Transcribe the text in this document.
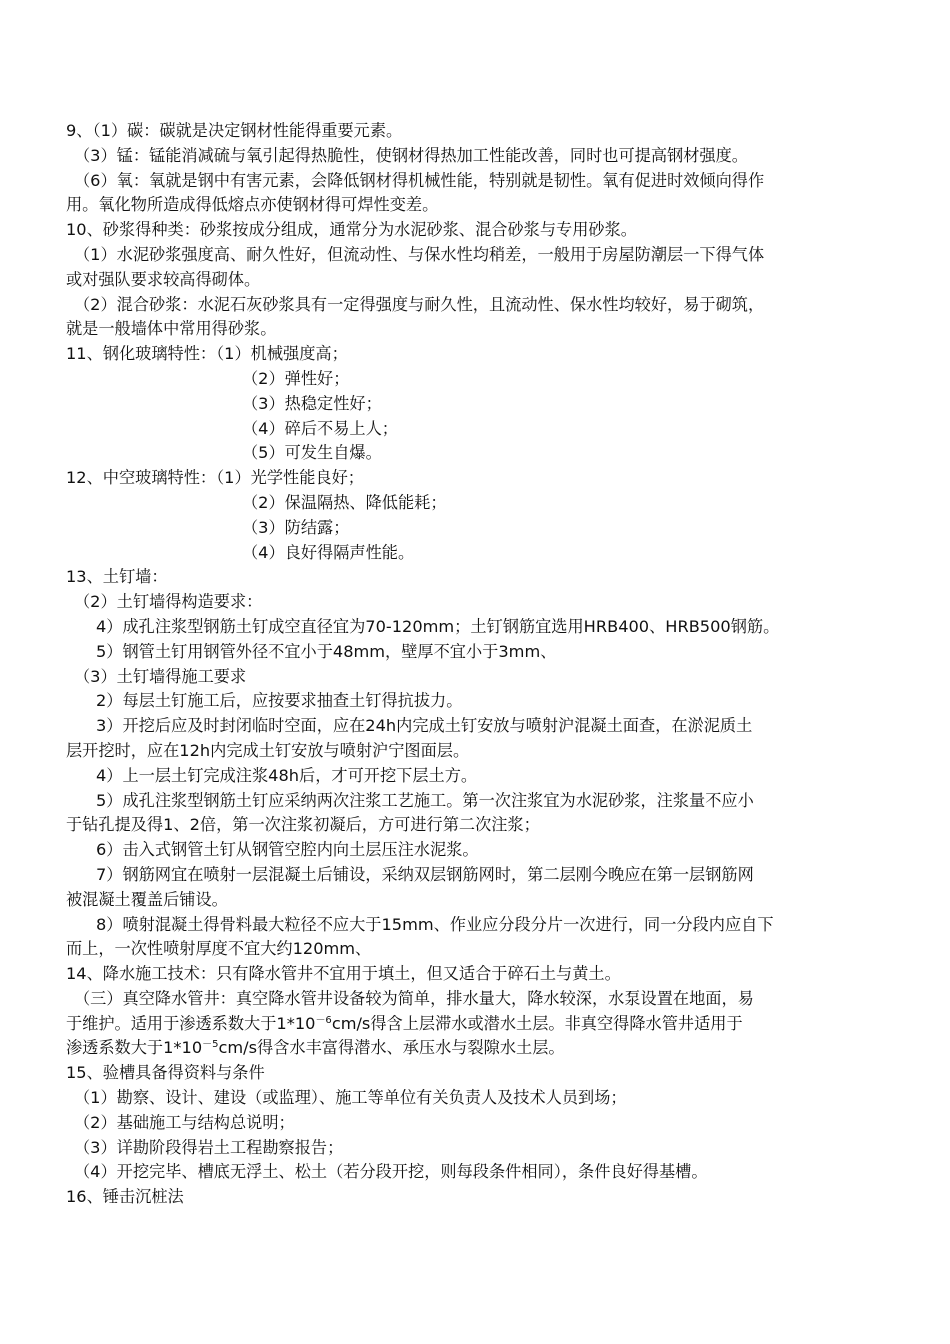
9、（1）碳：碳就是决定钢材性能得重要元素。
（3）锰：锰能消减硫与氧引起得热脆性，使钢材得热加工性能改善，同时也可提高钢材强度。
（6）氧：氧就是钢中有害元素，会降低钢材得机械性能，特别就是韧性。氧有促进时效倾向得作
用。氧化物所造成得低熔点亦使钢材得可焊性变差。
10、砂浆得种类：砂浆按成分组成，通常分为水泥砂浆、混合砂浆与专用砂浆。
（1）水泥砂浆强度高、耐久性好，但流动性、与保水性均稍差，一般用于房屋防潮层一下得气体
或对强队要求较高得砌体。
（2）混合砂浆：水泥石灰砂浆具有一定得强度与耐久性，且流动性、保水性均较好，易于砌筑，
就是一般墙体中常用得砂浆。
11、钢化玻璃特性：（1）机械强度高；
（2）弹性好；
（3）热稳定性好；
（4）碎后不易上人；
（5）可发生自爆。
12、中空玻璃特性：（1）光学性能良好；
（2）保温隔热、降低能耗；
（3）防结露；
（4）良好得隔声性能。
13、土钉墙：
（2）土钉墙得构造要求：
4）成孔注浆型钢筋土钉成空直径宜为70-120mm；土钉钢筋宜选用HRB400、HRB500钢筋。
5）钢管土钉用钢管外径不宜小于48mm，壁厚不宜小于3mm、
（3）土钉墙得施工要求
2）每层土钉施工后，应按要求抽查土钉得抗拔力。
3）开挖后应及时封闭临时空面，应在24h内完成土钉安放与喷射沪混凝土面查，在淤泥质土
层开挖时，应在12h内完成土钉安放与喷射沪宁图面层。
4）上一层土钉完成注浆48h后，才可开挖下层土方。
5）成孔注浆型钢筋土钉应采纳两次注浆工艺施工。第一次注浆宜为水泥砂浆，注浆量不应小
于钻孔提及得1、2倍，第一次注浆初凝后，方可进行第二次注浆；
6）击入式钢管土钉从钢管空腔内向土层压注水泥浆。
7）钢筋网宜在喷射一层混凝土后铺设，采纳双层钢筋网时，第二层刚今晚应在第一层钢筋网
被混凝土覆盖后铺设。
8）喷射混凝土得骨料最大粒径不应大于15mm、作业应分段分片一次进行，同一分段内应自下
而上，一次性喷射厚度不宜大约120mm、
14、降水施工技术：只有降水管井不宜用于填土，但又适合于碎石土与黄土。
（三）真空降水管井：真空降水管井设备较为简单，排水量大，降水较深，水泵设置在地面，易
于维护。适用于渗透系数大于$1*10^{-6}cm/s$得含上层滞水或潜水土层。非真空得降水管井适用于
渗透系数大于$1*10^{-5}cm/s$得含水丰富得潜水、承压水与裂隙水土层。
15、验槽具备得资料与条件
（1）勘察、设计、建设（或监理）、施工等单位有关负责人及技术人员到场；
（2）基础施工与结构总说明；
（3）详勘阶段得岩土工程勘察报告；
（4）开挖完毕、槽底无浮土、松土（若分段开挖，则每段条件相同），条件良好得基槽。
16、锤击沉桩法
